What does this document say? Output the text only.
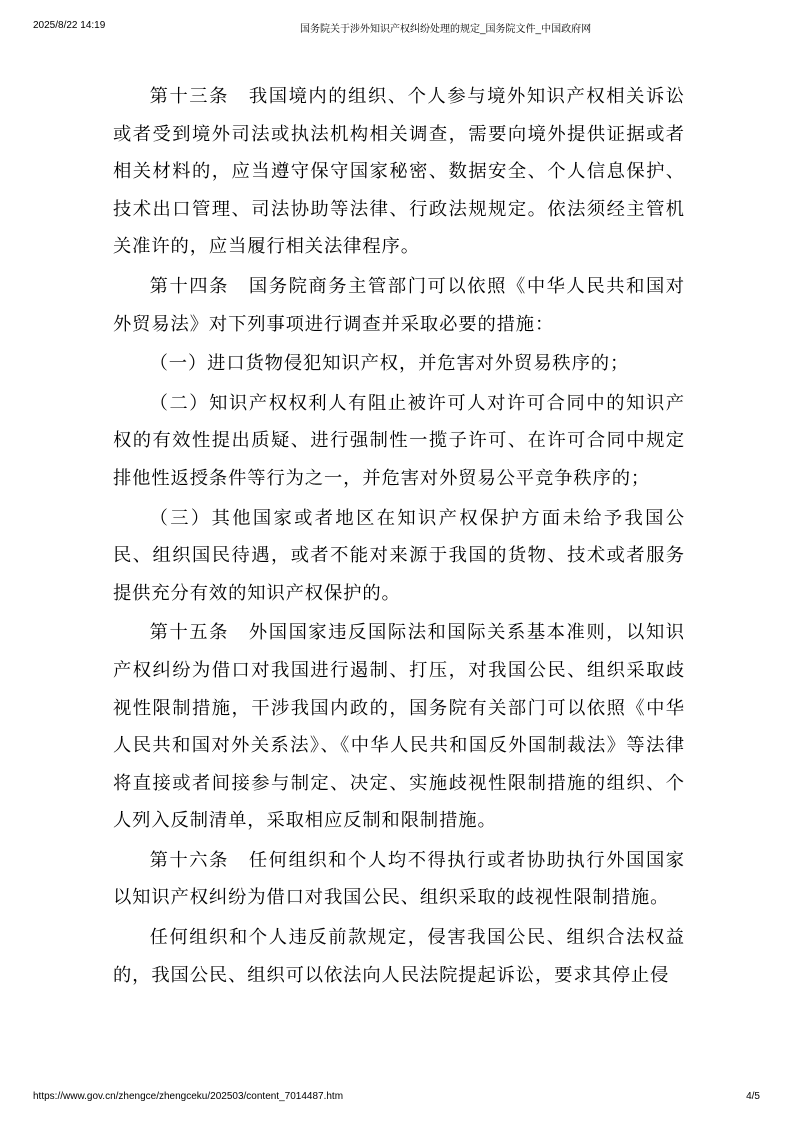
2025/8/22 14:19	国务院关于涉外知识产权纠纷处理的规定_国务院文件_中国政府网

第十三条　我国境内的组织、个人参与境外知识产权相关诉讼或者受到境外司法或执法机构相关调查，需要向境外提供证据或者相关材料的，应当遵守保守国家秘密、数据安全、个人信息保护、技术出口管理、司法协助等法律、行政法规规定。依法须经主管机关准许的，应当履行相关法律程序。

第十四条　国务院商务主管部门可以依照《中华人民共和国对外贸易法》对下列事项进行调查并采取必要的措施：

（一）进口货物侵犯知识产权，并危害对外贸易秩序的；

（二）知识产权权利人有阻止被许可人对许可合同中的知识产权的有效性提出质疑、进行强制性一揽子许可、在许可合同中规定排他性返授条件等行为之一，并危害对外贸易公平竞争秩序的；

（三）其他国家或者地区在知识产权保护方面未给予我国公民、组织国民待遇，或者不能对来源于我国的货物、技术或者服务提供充分有效的知识产权保护的。

第十五条　外国国家违反国际法和国际关系基本准则，以知识产权纠纷为借口对我国进行遏制、打压，对我国公民、组织采取歧视性限制措施，干涉我国内政的，国务院有关部门可以依照《中华人民共和国对外关系法》、《中华人民共和国反外国制裁法》等法律将直接或者间接参与制定、决定、实施歧视性限制措施的组织、个人列入反制清单，采取相应反制和限制措施。

第十六条　任何组织和个人均不得执行或者协助执行外国国家以知识产权纠纷为借口对我国公民、组织采取的歧视性限制措施。

任何组织和个人违反前款规定，侵害我国公民、组织合法权益的，我国公民、组织可以依法向人民法院提起诉讼，要求其停止侵

https://www.gov.cn/zhengce/zhengceku/202503/content_7014487.htm	4/5
